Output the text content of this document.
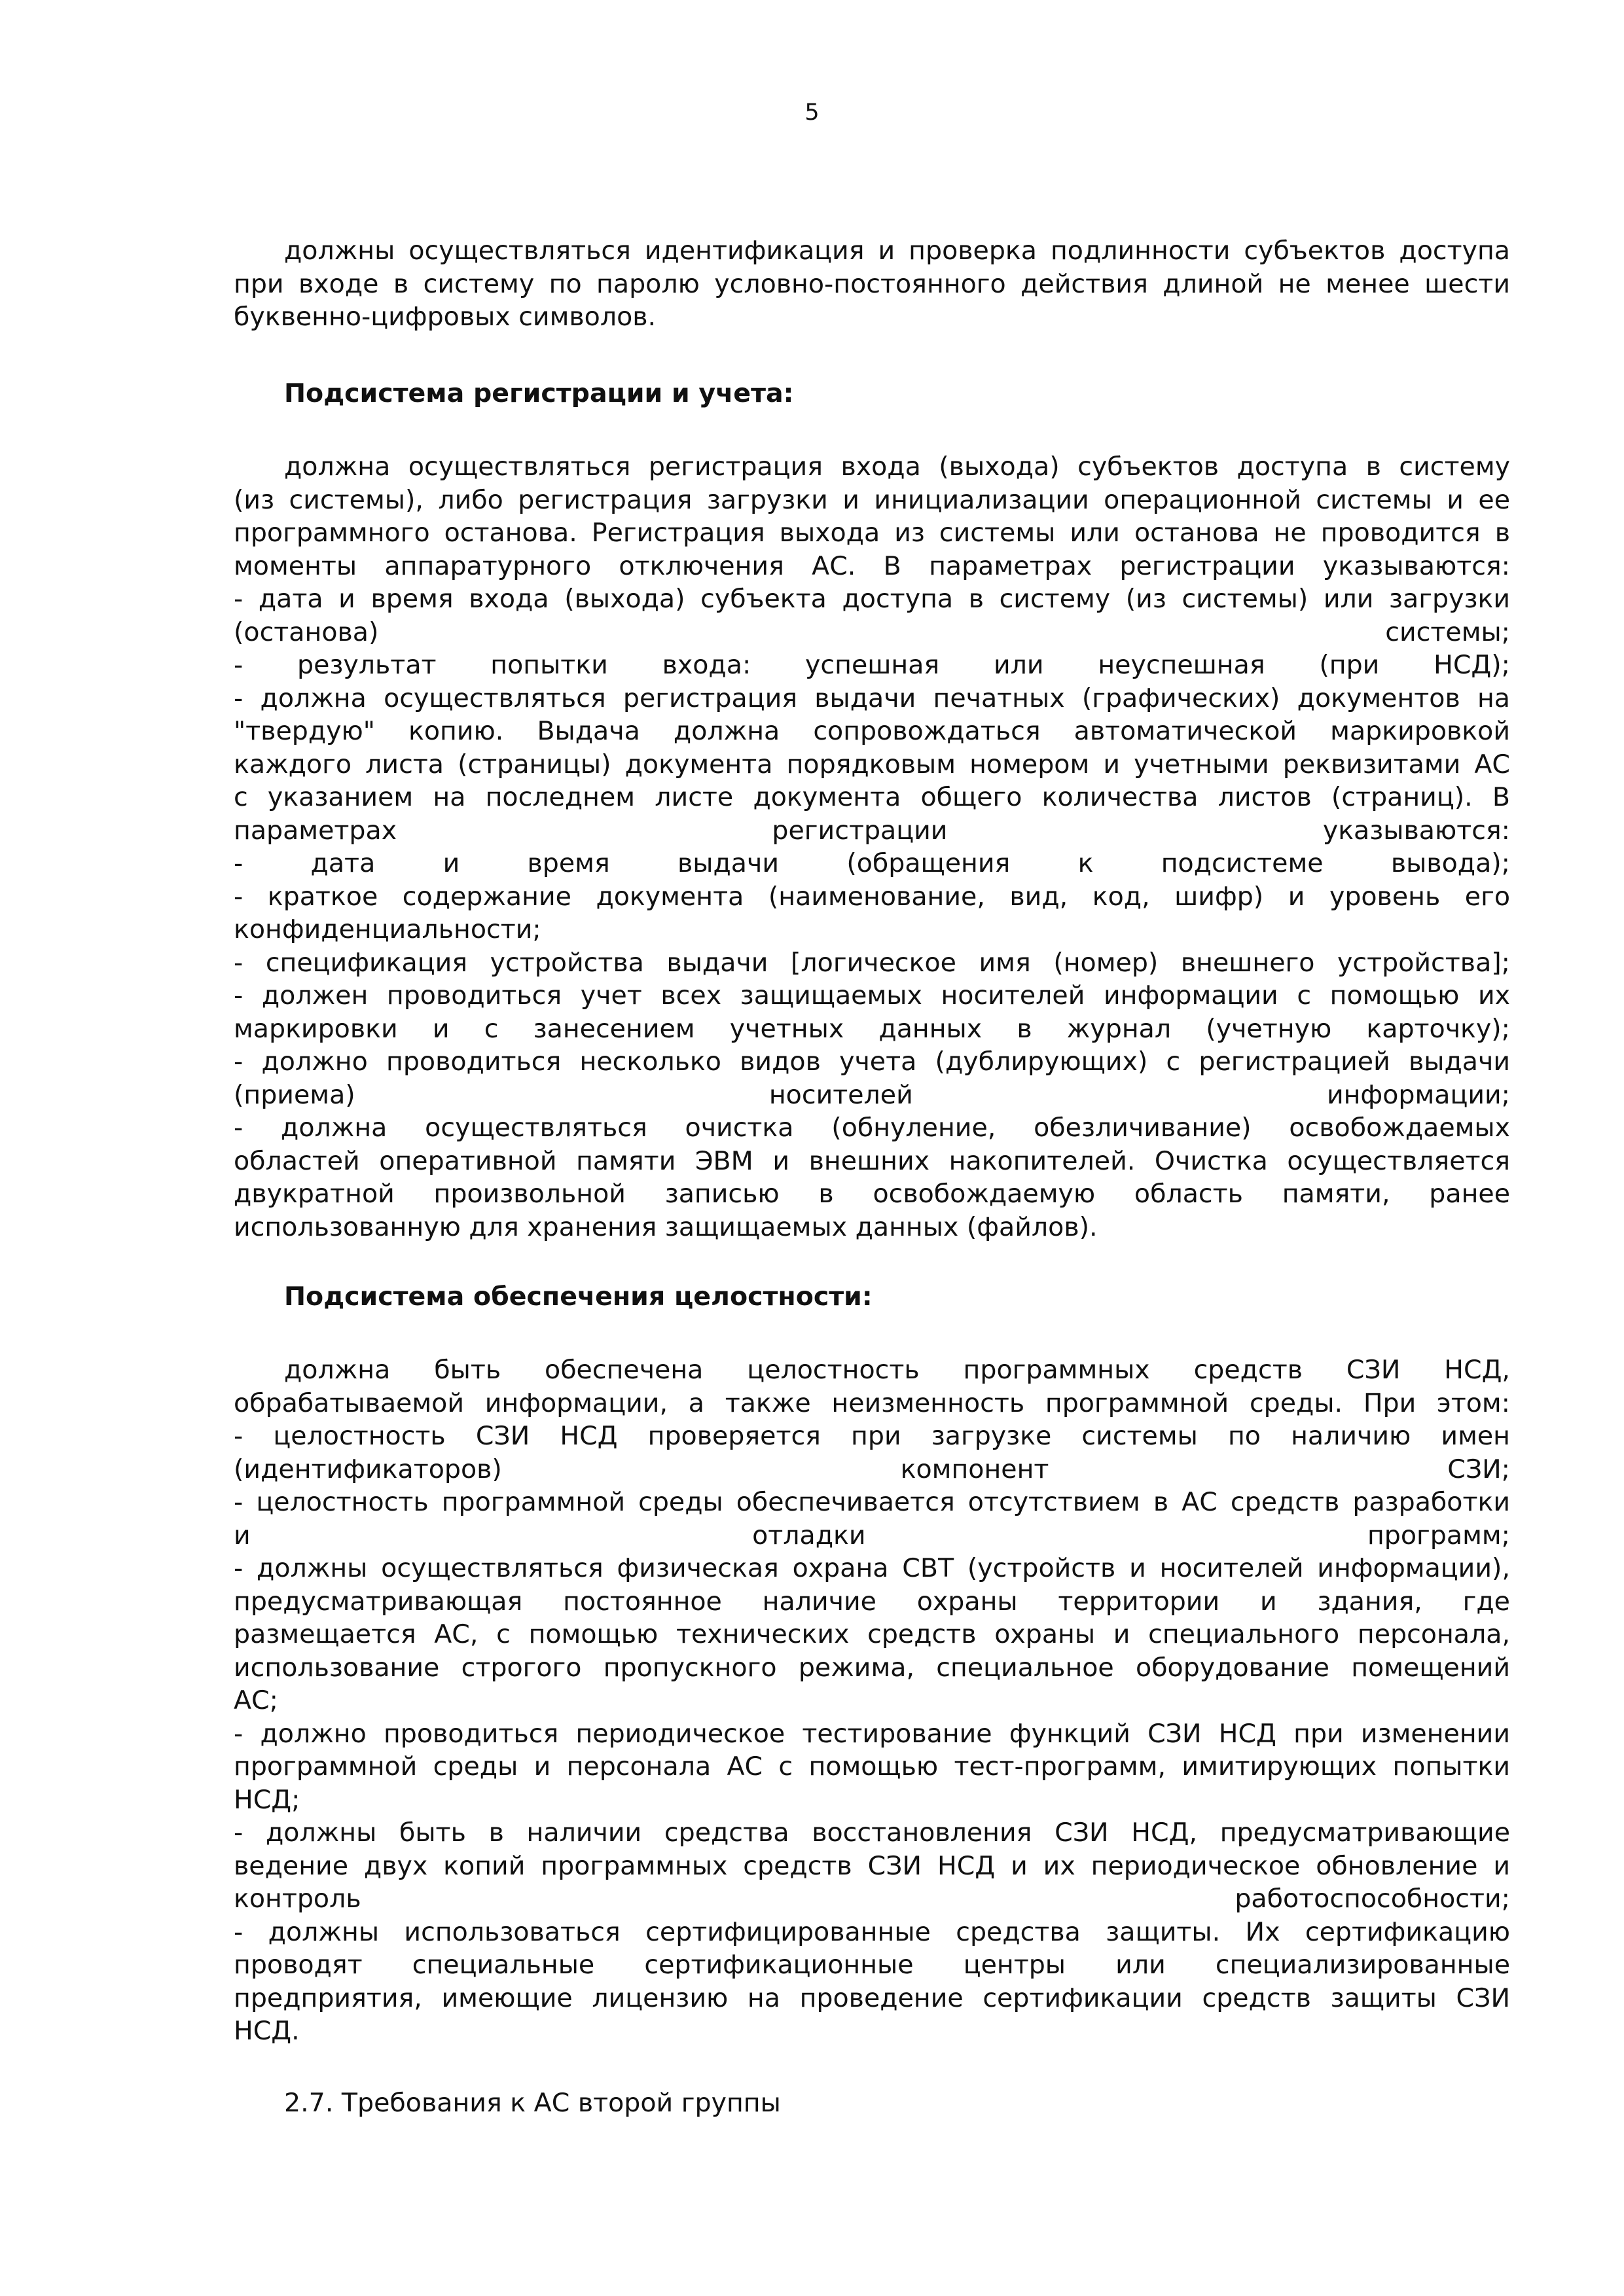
5

должны осуществляться идентификация и проверка подлинности субъектов доступа

при входе в систему по паролю условно-постоянного действия длиной не менее шести

буквенно-цифровых символов.

Подсистема регистрации и учета:

должна осуществляться регистрация входа (выхода) субъектов доступа в систему

(из системы), либо регистрация загрузки и инициализации операционной системы и ее

программного останова. Регистрация выхода из системы или останова не проводится в

моменты аппаратурного отключения АС. В параметрах регистрации указываются:

- дата и время входа (выхода) субъекта доступа в систему (из системы) или загрузки

(останова) системы;

- результат попытки входа: успешная или неуспешная (при НСД);

- должна осуществляться регистрация выдачи печатных (графических) документов на

"твердую" копию. Выдача должна сопровождаться автоматической маркировкой

каждого листа (страницы) документа порядковым номером и учетными реквизитами АС

с указанием на последнем листе документа общего количества листов (страниц). В

параметрах регистрации указываются:

- дата и время выдачи (обращения к подсистеме вывода);

- краткое содержание документа (наименование, вид, код, шифр) и уровень его

конфиденциальности;

- спецификация устройства выдачи [логическое имя (номер) внешнего устройства];

- должен проводиться учет всех защищаемых носителей информации с помощью их

маркировки и с занесением учетных данных в журнал (учетную карточку);

- должно проводиться несколько видов учета (дублирующих) с регистрацией выдачи

(приема) носителей информации;

- должна осуществляться очистка (обнуление, обезличивание) освобождаемых

областей оперативной памяти ЭВМ и внешних накопителей. Очистка осуществляется

двукратной произвольной записью в освобождаемую область памяти, ранее

использованную для хранения защищаемых данных (файлов).

Подсистема обеспечения целостности:

должна быть обеспечена целостность программных средств СЗИ НСД,

обрабатываемой информации, а также неизменность программной среды. При этом:

- целостность СЗИ НСД проверяется при загрузке системы по наличию имен

(идентификаторов) компонент СЗИ;

- целостность программной среды обеспечивается отсутствием в АС средств разработки

и отладки программ;

- должны осуществляться физическая охрана СВТ (устройств и носителей информации),

предусматривающая постоянное наличие охраны территории и здания, где

размещается АС, с помощью технических средств охраны и специального персонала,

использование строгого пропускного режима, специальное оборудование помещений

АС;

- должно проводиться периодическое тестирование функций СЗИ НСД при изменении

программной среды и персонала АС с помощью тест-программ, имитирующих попытки

НСД;

- должны быть в наличии средства восстановления СЗИ НСД, предусматривающие

ведение двух копий программных средств СЗИ НСД и их периодическое обновление и

контроль работоспособности;

- должны использоваться сертифицированные средства защиты. Их сертификацию

проводят специальные сертификационные центры или специализированные

предприятия, имеющие лицензию на проведение сертификации средств защиты СЗИ

НСД.

2.7. Требования к АС второй группы
